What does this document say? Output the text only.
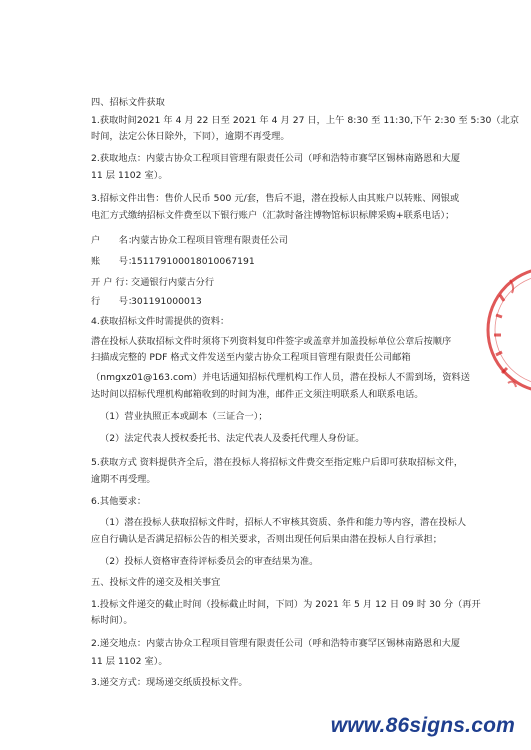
四、招标文件获取
1.获取时间2021 年 4 月 22 日至 2021 年 4 月 27 日，上午 8:30 至 11:30,下午 2:30 至 5:30（北京
时间，法定公休日除外，下同），逾期不再受理。
2.获取地点：内蒙古协众工程项目管理有限责任公司（呼和浩特市赛罕区锡林南路恩和大厦
11 层 1102 室）。
3.招标文件出售：售价人民币 500 元/套，售后不退，潜在投标人由其账户以转账、网银或
电汇方式缴纳招标文件费至以下银行账户（汇款时备注博物馆标识标牌采购+联系电话）；
户　　名：内蒙古协众工程项目管理有限责任公司
账　　号：151179100018010067191
开 户 行：交通银行内蒙古分行
行　　号：301191000013
4.获取招标文件时需提供的资料：
潜在投标人获取招标文件时须将下列资料复印件签字或盖章并加盖投标单位公章后按顺序
扫描成完整的 PDF 格式文件发送至内蒙古协众工程项目管理有限责任公司邮箱
（nmgxz01@163.com）并电话通知招标代理机构工作人员，潜在投标人不需到场，资料送
达时间以招标代理机构邮箱收到的时间为准，邮件正文须注明联系人和联系电话。
（1）营业执照正本或副本（三证合一）；
（2）法定代表人授权委托书、法定代表人及委托代理人身份证。
5.获取方式 资料提供齐全后，潜在投标人将招标文件费交至指定账户后即可获取招标文件，
逾期不再受理。
6.其他要求：
（1）潜在投标人获取招标文件时，招标人不审核其资质、条件和能力等内容，潜在投标人
应自行确认是否满足招标公告的相关要求，否则出现任何后果由潜在投标人自行承担；
（2）投标人资格审查待评标委员会的审查结果为准。
五、投标文件的递交及相关事宜
1.投标文件递交的截止时间（投标截止时间，下同）为 2021 年 5 月 12 日 09 时 30 分（再开
标时间）。
2.递交地点：内蒙古协众工程项目管理有限责任公司（呼和浩特市赛罕区锡林南路恩和大厦
11 层 1102 室）。
3.递交方式：现场递交纸质投标文件。
www.86signs.com
